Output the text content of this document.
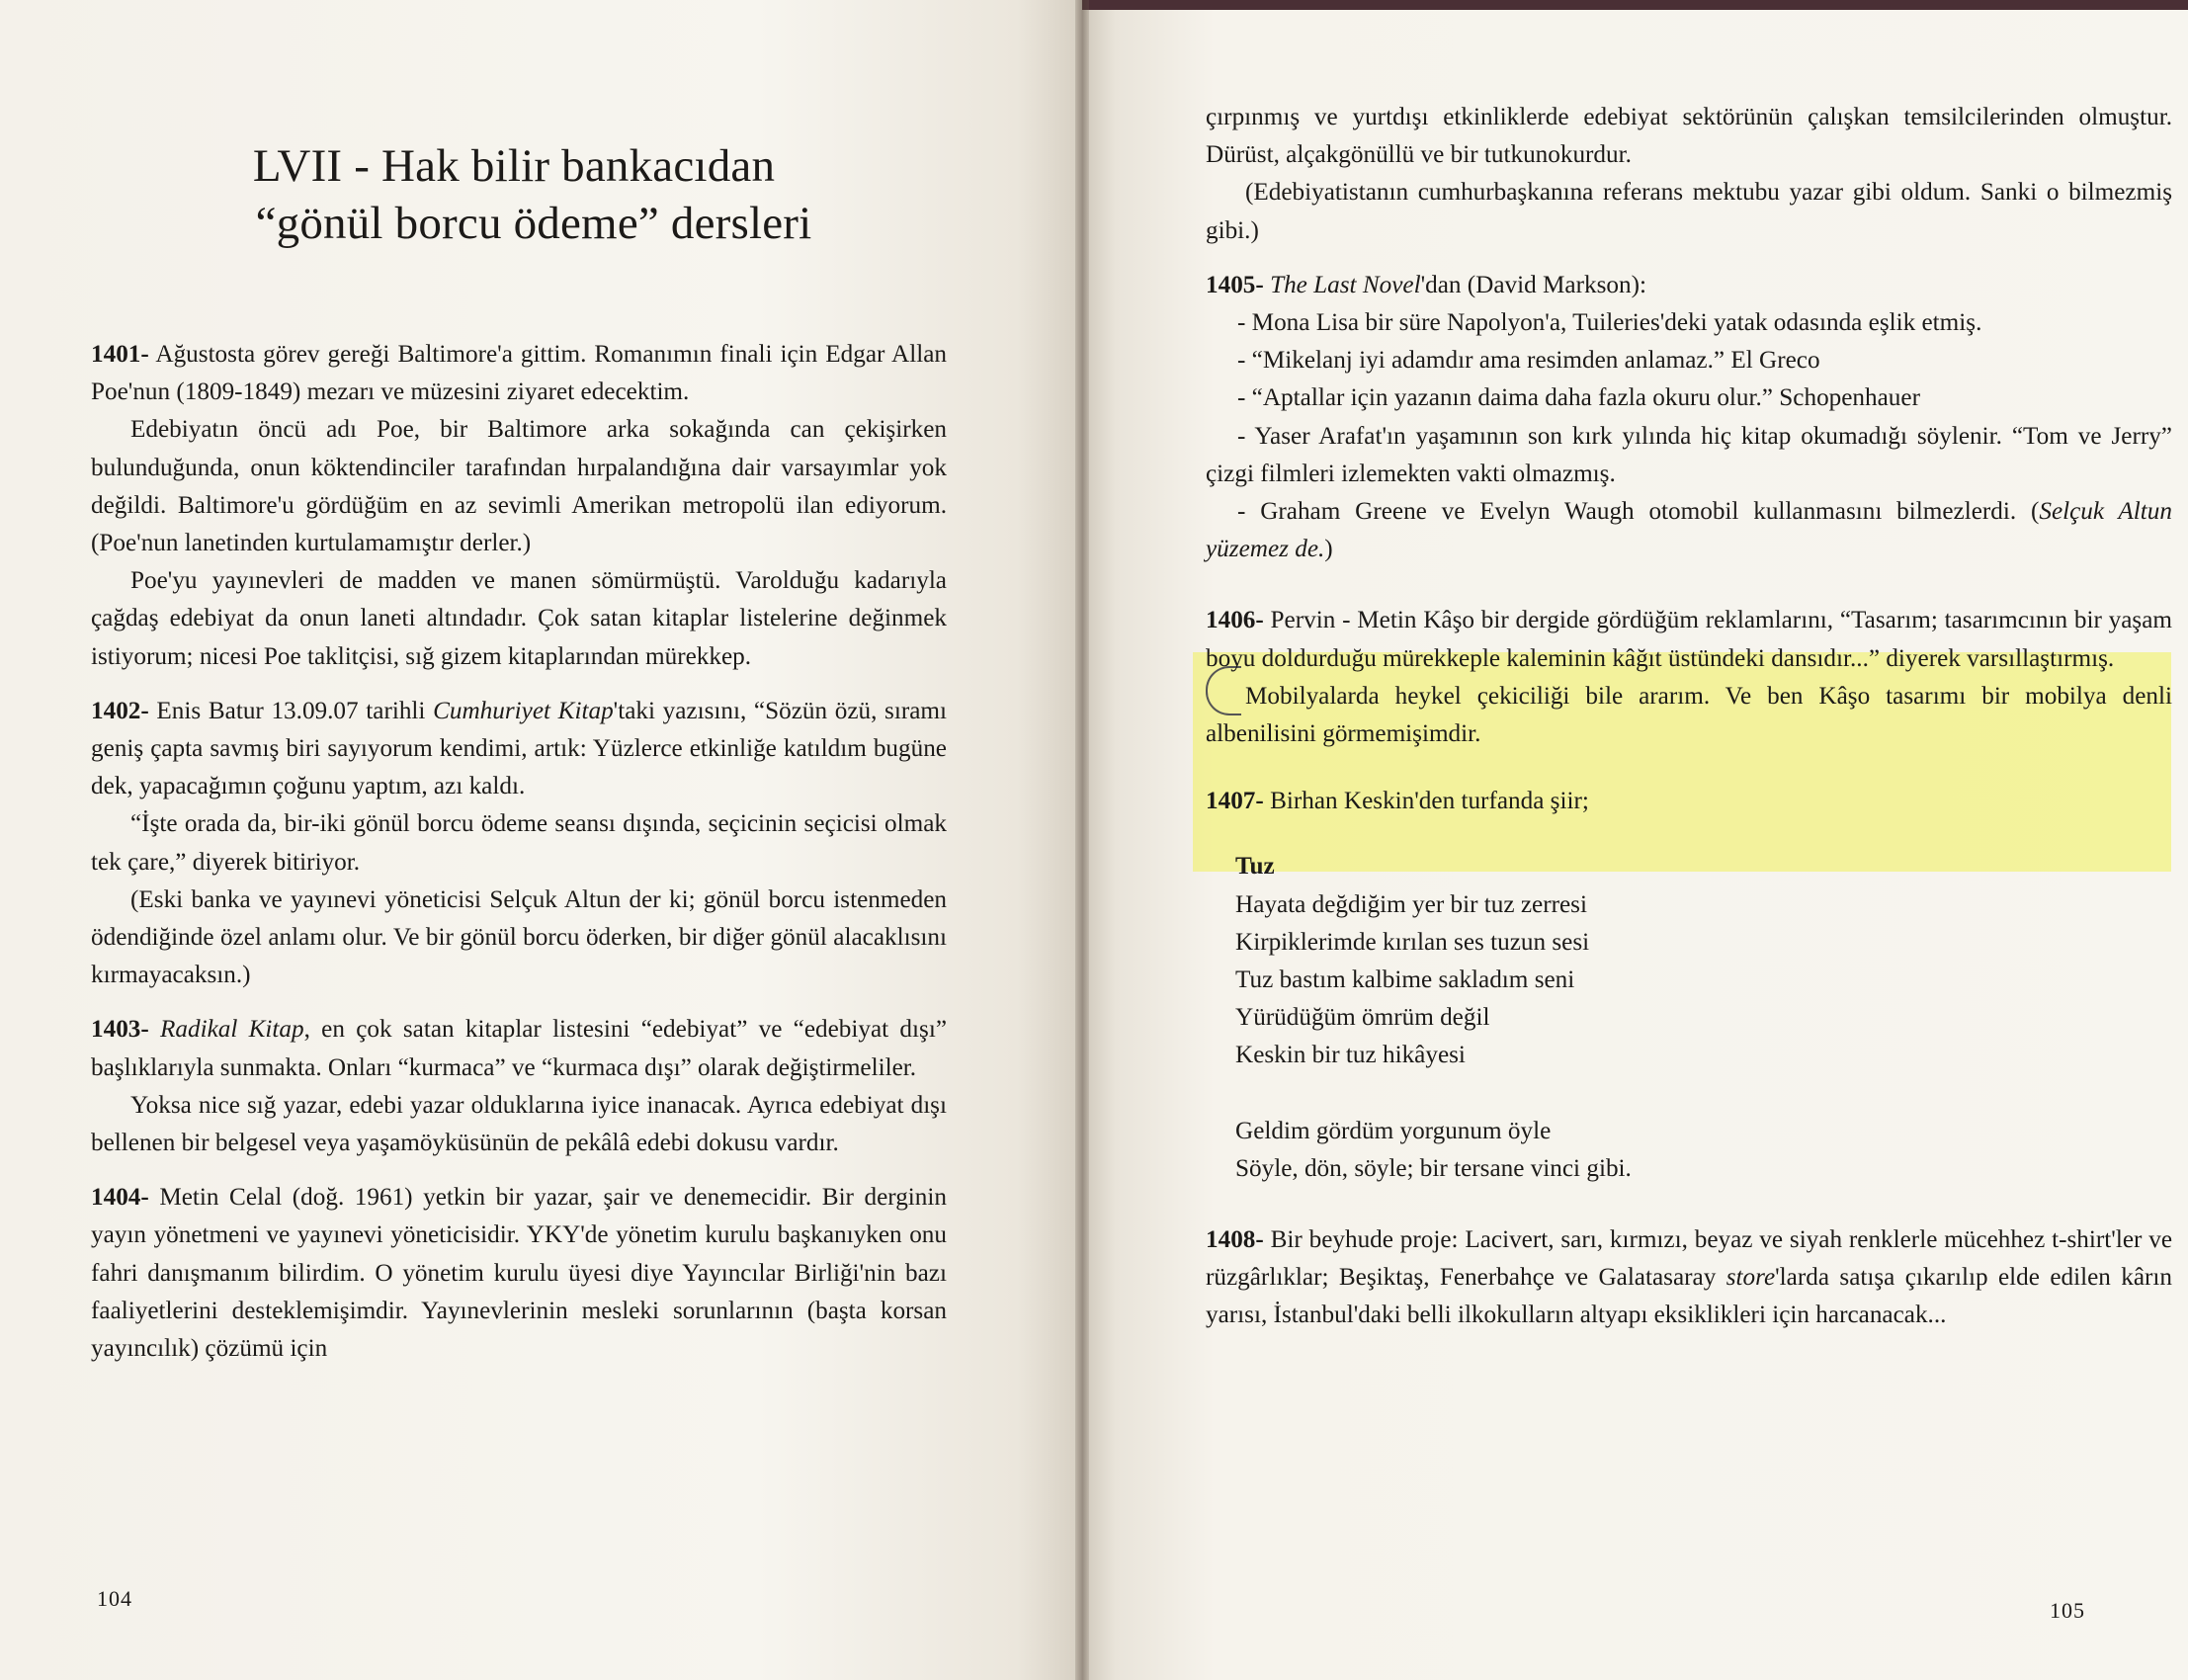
LVII - Hak bilir bankacıdan
“gönül borcu ödeme” dersleri

1401- Ağustosta görev gereği Baltimore'a gittim. Romanımın finali için Edgar Allan Poe'nun (1809-1849) mezarı ve müzesini ziyaret edecektim.

Edebiyatın öncü adı Poe, bir Baltimore arka sokağında can çekişirken bulunduğunda, onun köktendinciler tarafından hırpalandığına dair varsayımlar yok değildi. Baltimore'u gördüğüm en az sevimli Amerikan metropolü ilan ediyorum. (Poe'nun lanetinden kurtulamamıştır derler.)

Poe'yu yayınevleri de madden ve manen sömürmüştü. Varolduğu kadarıyla çağdaş edebiyat da onun laneti altındadır. Çok satan kitaplar listelerine değinmek istiyorum; nicesi Poe taklitçisi, sığ gizem kitaplarından mürekkep.

1402- Enis Batur 13.09.07 tarihli Cumhuriyet Kitap'taki yazısını, “Sözün özü, sıramı geniş çapta savmış biri sayıyorum kendimi, artık: Yüzlerce etkinliğe katıldım bugüne dek, yapacağımın çoğunu yaptım, azı kaldı.

“İşte orada da, bir-iki gönül borcu ödeme seansı dışında, seçicinin seçicisi olmak tek çare,” diyerek bitiriyor.

(Eski banka ve yayınevi yöneticisi Selçuk Altun der ki; gönül borcu istenmeden ödendiğinde özel anlamı olur. Ve bir gönül borcu öderken, bir diğer gönül alacaklısını kırmayacaksın.)

1403- Radikal Kitap, en çok satan kitaplar listesini “edebiyat” ve “edebiyat dışı” başlıklarıyla sunmakta. Onları “kurmaca” ve “kurmaca dışı” olarak değiştirmeliler.

Yoksa nice sığ yazar, edebi yazar olduklarına iyice inanacak. Ayrıca edebiyat dışı bellenen bir belgesel veya yaşamöyküsünün de pekâlâ edebi dokusu vardır.

1404- Metin Celal (doğ. 1961) yetkin bir yazar, şair ve denemecidir. Bir derginin yayın yönetmeni ve yayınevi yöneticisidir. YKY'de yönetim kurulu başkanıyken onu fahri danışmanım bilirdim. O yönetim kurulu üyesi diye Yayıncılar Birliği'nin bazı faaliyetlerini desteklemişimdir. Yayınevlerinin mesleki sorunlarının (başta korsan yayıncılık) çözümü için

104

çırpınmış ve yurtdışı etkinliklerde edebiyat sektörünün çalışkan temsilcilerinden olmuştur. Dürüst, alçakgönüllü ve bir tutkunokurdur.

(Edebiyatistanın cumhurbaşkanına referans mektubu yazar gibi oldum. Sanki o bilmezmiş gibi.)

1405- The Last Novel'dan (David Markson):

- Mona Lisa bir süre Napolyon'a, Tuileries'deki yatak odasında eşlik etmiş.

- “Mikelanj iyi adamdır ama resimden anlamaz.” El Greco

- “Aptallar için yazanın daima daha fazla okuru olur.” Schopenhauer

- Yaser Arafat'ın yaşamının son kırk yılında hiç kitap okumadığı söylenir. “Tom ve Jerry” çizgi filmleri izlemekten vakti olmazmış.

- Graham Greene ve Evelyn Waugh otomobil kullanmasını bilmezlerdi. (Selçuk Altun yüzemez de.)

1406- Pervin - Metin Kâşo bir dergide gördüğüm reklamlarını, “Tasarım; tasarımcının bir yaşam boyu doldurduğu mürekkeple kaleminin kâğıt üstündeki dansıdır...” diyerek varsıllaştırmış.

Mobilyalarda heykel çekiciliği bile ararım. Ve ben Kâşo tasarımı bir mobilya denli albenilisini görmemişimdir.

1407- Birhan Keskin'den turfanda şiir;

Tuz
Hayata değdiğim yer bir tuz zerresi
Kirpiklerimde kırılan ses tuzun sesi
Tuz bastım kalbime sakladım seni
Yürüdüğüm ömrüm değil
Keskin bir tuz hikâyesi
Geldim gördüm yorgunum öyle
Söyle, dön, söyle; bir tersane vinci gibi.

1408- Bir beyhude proje: Lacivert, sarı, kırmızı, beyaz ve siyah renklerle mücehhez t-shirt'ler ve rüzgârlıklar; Beşiktaş, Fenerbahçe ve Galatasaray store'larda satışa çıkarılıp elde edilen kârın yarısı, İstanbul'daki belli ilkokulların altyapı eksiklikleri için harcanacak...

105
